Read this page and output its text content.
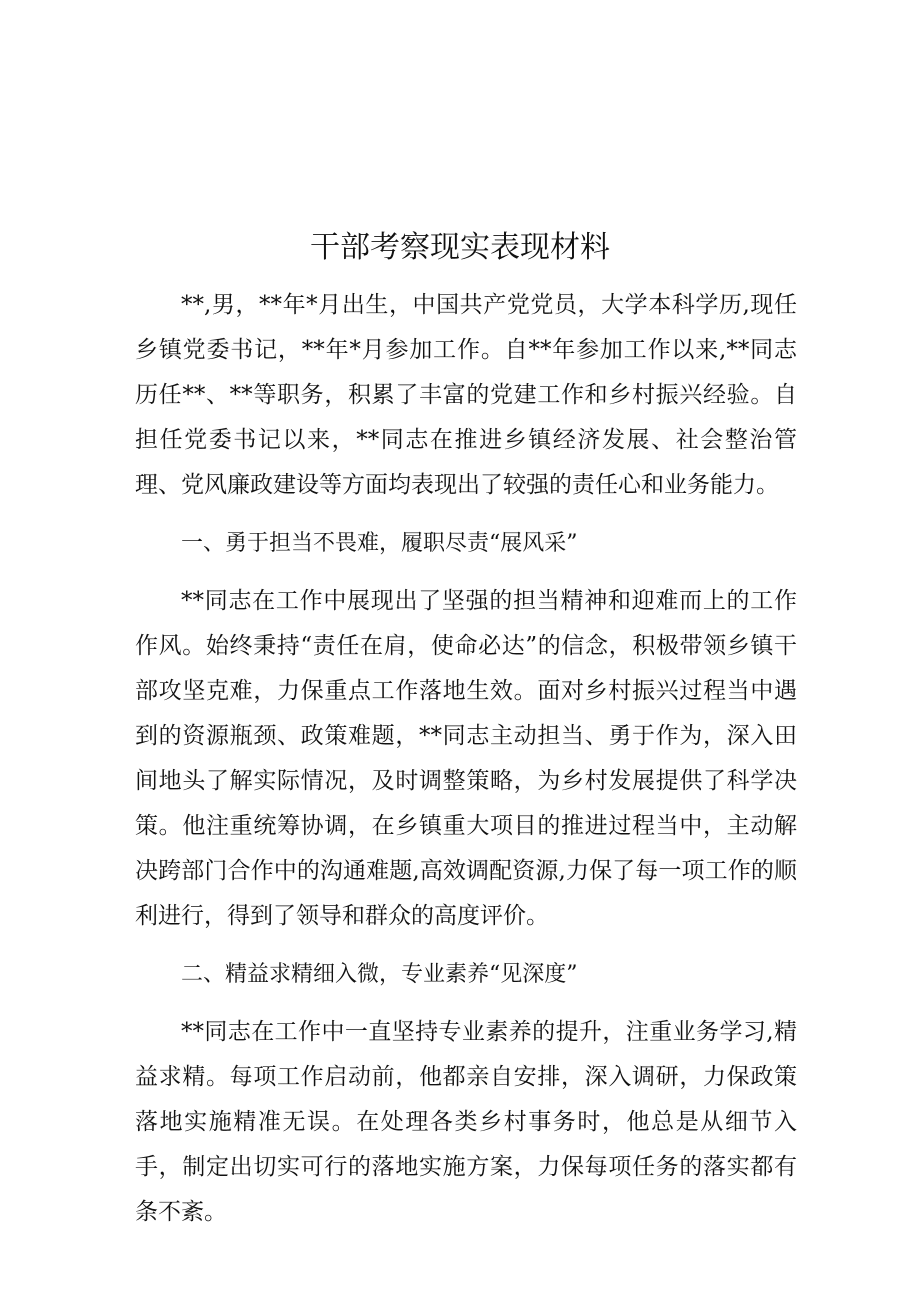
干部考察现实表现材料

**,男，**年*月出生，中国共产党党员，大学本科学历,现任乡镇党委书记，**年*月参加工作。自**年参加工作以来,**同志历任**、**等职务，积累了丰富的党建工作和乡村振兴经验。自担任党委书记以来，**同志在推进乡镇经济发展、社会整治管理、党风廉政建设等方面均表现出了较强的责任心和业务能力。

一、勇于担当不畏难，履职尽责“展风采”

**同志在工作中展现出了坚强的担当精神和迎难而上的工作作风。始终秉持“责任在肩，使命必达”的信念，积极带领乡镇干部攻坚克难，力保重点工作落地生效。面对乡村振兴过程当中遇到的资源瓶颈、政策难题，**同志主动担当、勇于作为，深入田间地头了解实际情况，及时调整策略，为乡村发展提供了科学决策。他注重统筹协调，在乡镇重大项目的推进过程当中，主动解决跨部门合作中的沟通难题,高效调配资源,力保了每一项工作的顺利进行，得到了领导和群众的高度评价。

二、精益求精细入微，专业素养“见深度”

**同志在工作中一直坚持专业素养的提升，注重业务学习,精益求精。每项工作启动前，他都亲自安排，深入调研，力保政策落地实施精准无误。在处理各类乡村事务时，他总是从细节入手，制定出切实可行的落地实施方案，力保每项任务的落实都有条不紊。
